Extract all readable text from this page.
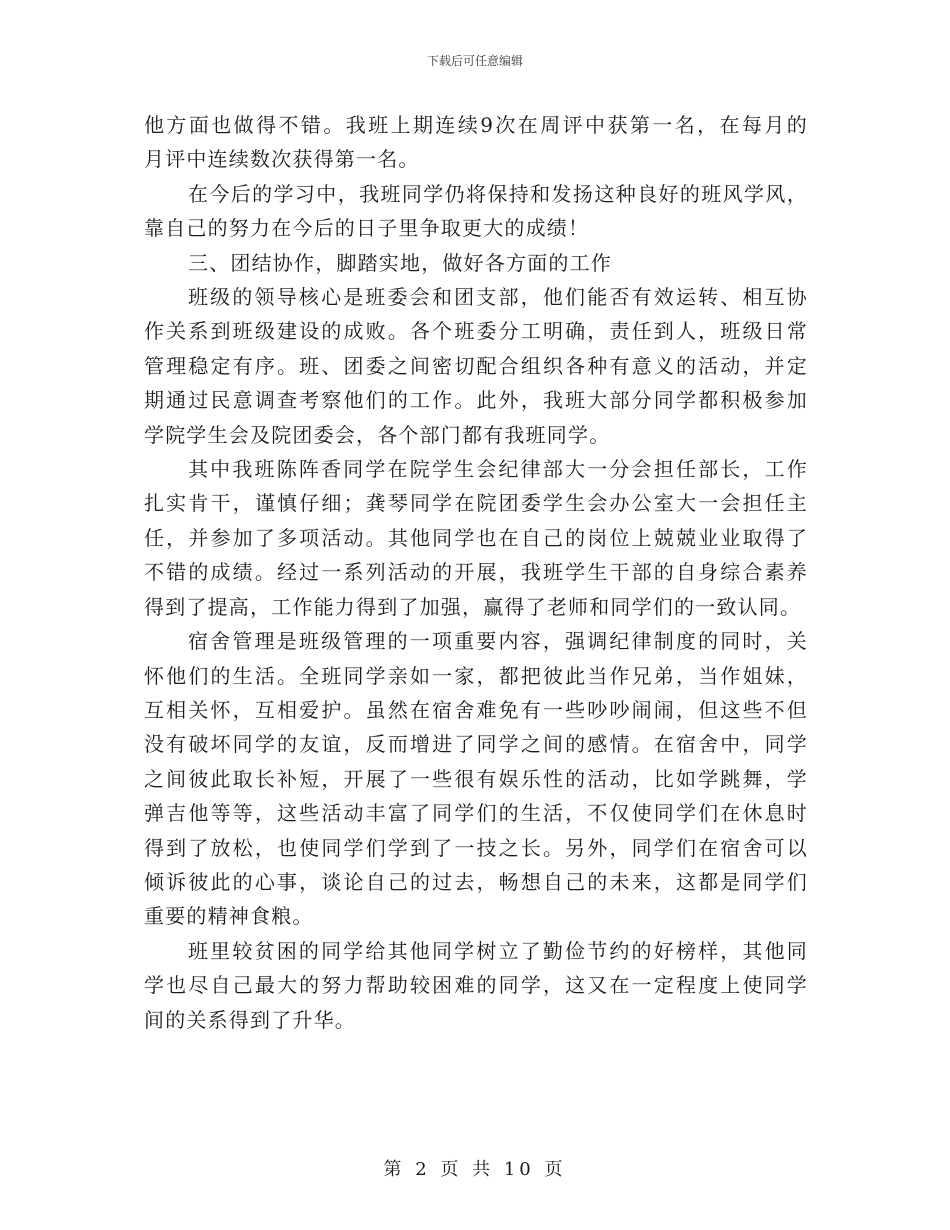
下载后可任意编辑

他方面也做得不错。我班上期连续9次在周评中获第一名，在每月的
月评中连续数次获得第一名。

在今后的学习中，我班同学仍将保持和发扬这种良好的班风学风，
靠自己的努力在今后的日子里争取更大的成绩！

三、团结协作，脚踏实地，做好各方面的工作

班级的领导核心是班委会和团支部，他们能否有效运转、相互协
作关系到班级建设的成败。各个班委分工明确，责任到人，班级日常
管理稳定有序。班、团委之间密切配合组织各种有意义的活动，并定
期通过民意调查考察他们的工作。此外，我班大部分同学都积极参加
学院学生会及院团委会，各个部门都有我班同学。

其中我班陈阵香同学在院学生会纪律部大一分会担任部长，工作
扎实肯干，谨慎仔细；龚琴同学在院团委学生会办公室大一会担任主
任，并参加了多项活动。其他同学也在自己的岗位上兢兢业业取得了
不错的成绩。经过一系列活动的开展，我班学生干部的自身综合素养
得到了提高，工作能力得到了加强，赢得了老师和同学们的一致认同。

宿舍管理是班级管理的一项重要内容，强调纪律制度的同时，关
怀他们的生活。全班同学亲如一家，都把彼此当作兄弟，当作姐妹，
互相关怀，互相爱护。虽然在宿舍难免有一些吵吵闹闹，但这些不但
没有破坏同学的友谊，反而增进了同学之间的感情。在宿舍中，同学
之间彼此取长补短，开展了一些很有娱乐性的活动，比如学跳舞，学
弹吉他等等，这些活动丰富了同学们的生活，不仅使同学们在休息时
得到了放松，也使同学们学到了一技之长。另外，同学们在宿舍可以
倾诉彼此的心事，谈论自己的过去，畅想自己的未来，这都是同学们
重要的精神食粮。

班里较贫困的同学给其他同学树立了勤俭节约的好榜样，其他同
学也尽自己最大的努力帮助较困难的同学，这又在一定程度上使同学
间的关系得到了升华。

第 2 页 共 10 页
